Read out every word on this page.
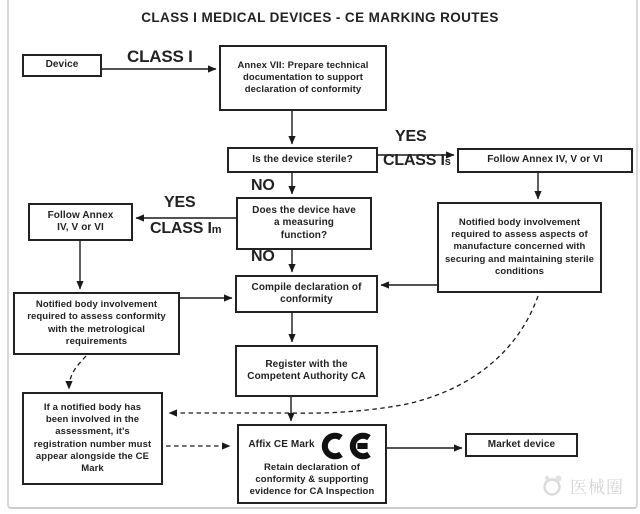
CLASS I MEDICAL DEVICES - CE MARKING ROUTES
Device	Annex VII: Prepare technical documentation to support declaration of conformity
Is the device sterile?	Follow Annex IV, V or VI
Does the device have a measuring function?
Follow Annex IV, V or VI	Notified body involvement required to assess aspects of manufacture concerned with securing and maintaining sterile conditions
Compile declaration of conformity
Notified body involvement required to assess conformity with the metrological requirements
Register with the Competent Authority CA
If a notified body has been involved in the assessment, it's registration number must appear alongside the CE Mark
Affix CE Mark
Retain declaration of conformity & supporting evidence for CA Inspection
Market device
CLASS I
YES
CLASS Is
NO
YES
CLASS Im
NO
医械圈
